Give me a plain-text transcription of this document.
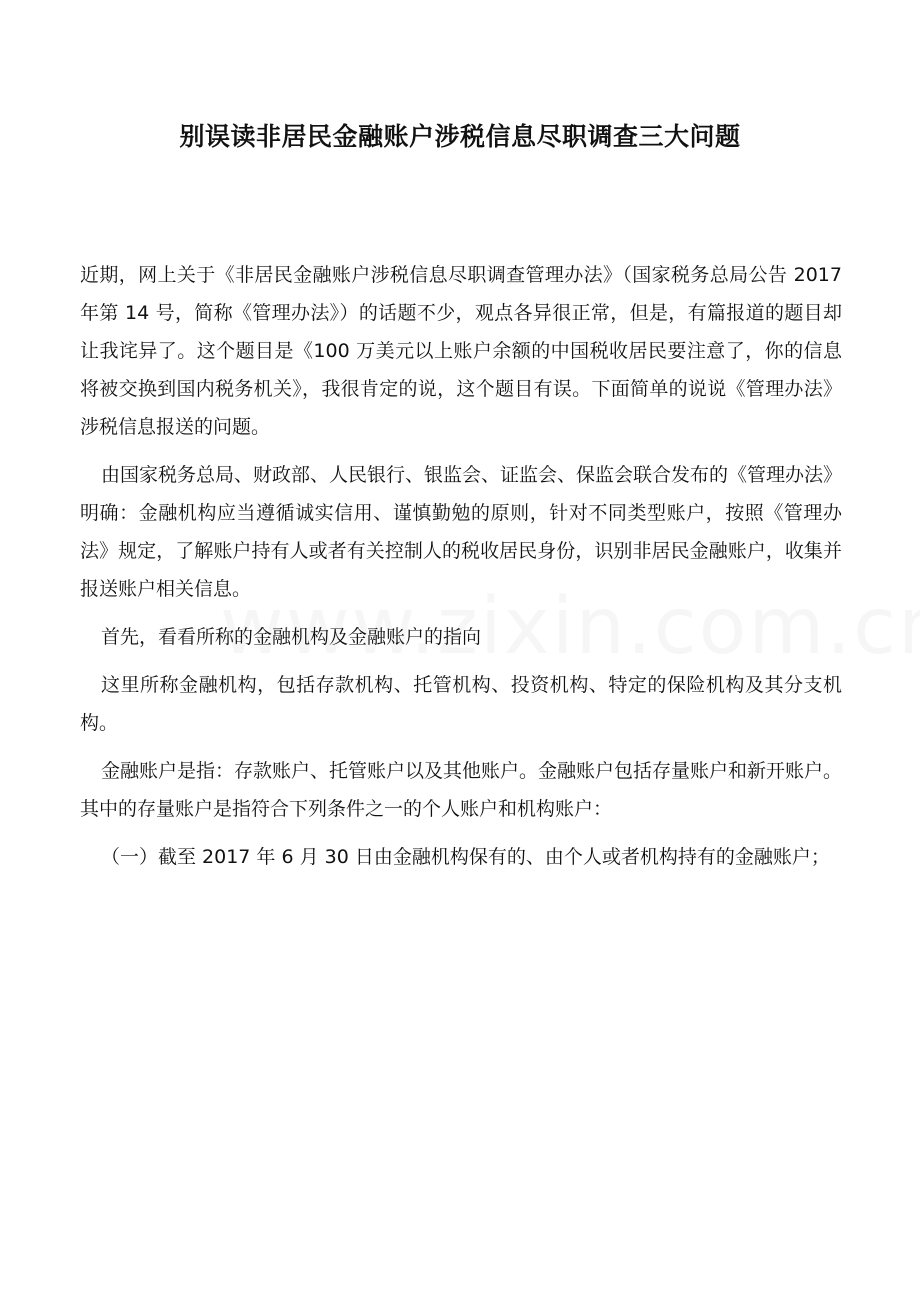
别误读非居民金融账户涉税信息尽职调查三大问题

近期，网上关于《非居民金融账户涉税信息尽职调查管理办法》（国家税务总局公告 2017 年第 14 号，简称《管理办法》）的话题不少，观点各异很正常，但是，有篇报道的题目却让我诧异了。这个题目是《100 万美元以上账户余额的中国税收居民要注意了，你的信息将被交换到国内税务机关》，我很肯定的说，这个题目有误。下面简单的说说《管理办法》涉税信息报送的问题。

由国家税务总局、财政部、人民银行、银监会、证监会、保监会联合发布的《管理办法》明确：金融机构应当遵循诚实信用、谨慎勤勉的原则，针对不同类型账户，按照《管理办法》规定，了解账户持有人或者有关控制人的税收居民身份，识别非居民金融账户，收集并报送账户相关信息。

首先，看看所称的金融机构及金融账户的指向

这里所称金融机构，包括存款机构、托管机构、投资机构、特定的保险机构及其分支机构。

金融账户是指：存款账户、托管账户以及其他账户。金融账户包括存量账户和新开账户。其中的存量账户是指符合下列条件之一的个人账户和机构账户：

（一）截至 2017 年 6 月 30 日由金融机构保有的、由个人或者机构持有的金融账户；
